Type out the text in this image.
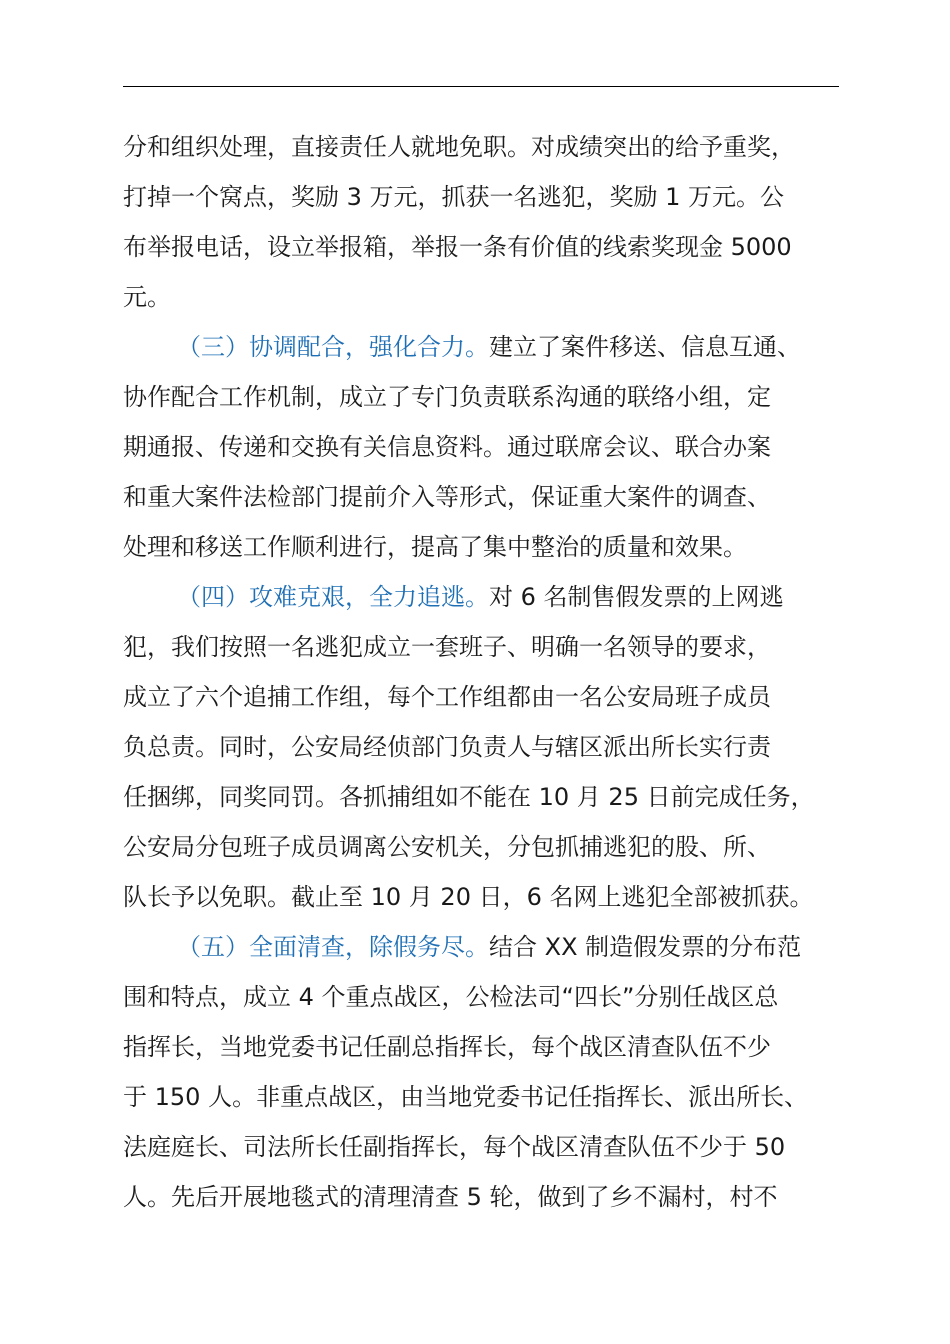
分和组织处理，直接责任人就地免职。对成绩突出的给予重奖，
打掉一个窝点，奖励 3 万元，抓获一名逃犯，奖励 1 万元。公
布举报电话，设立举报箱，举报一条有价值的线索奖现金 5000
元。
（三）协调配合，强化合力。建立了案件移送、信息互通、
协作配合工作机制，成立了专门负责联系沟通的联络小组，定
期通报、传递和交换有关信息资料。通过联席会议、联合办案
和重大案件法检部门提前介入等形式，保证重大案件的调查、
处理和移送工作顺利进行，提高了集中整治的质量和效果。
（四）攻难克艰，全力追逃。对 6 名制售假发票的上网逃
犯，我们按照一名逃犯成立一套班子、明确一名领导的要求，
成立了六个追捕工作组，每个工作组都由一名公安局班子成员
负总责。同时，公安局经侦部门负责人与辖区派出所长实行责
任捆绑，同奖同罚。各抓捕组如不能在 10 月 25 日前完成任务，
公安局分包班子成员调离公安机关，分包抓捕逃犯的股、所、
队长予以免职。截止至 10 月 20 日，6 名网上逃犯全部被抓获。
（五）全面清查，除假务尽。结合 XX 制造假发票的分布范
围和特点，成立 4 个重点战区，公检法司“四长”分别任战区总
指挥长，当地党委书记任副总指挥长，每个战区清查队伍不少
于 150 人。非重点战区，由当地党委书记任指挥长、派出所长、
法庭庭长、司法所长任副指挥长，每个战区清查队伍不少于 50
人。先后开展地毯式的清理清查 5 轮，做到了乡不漏村，村不
